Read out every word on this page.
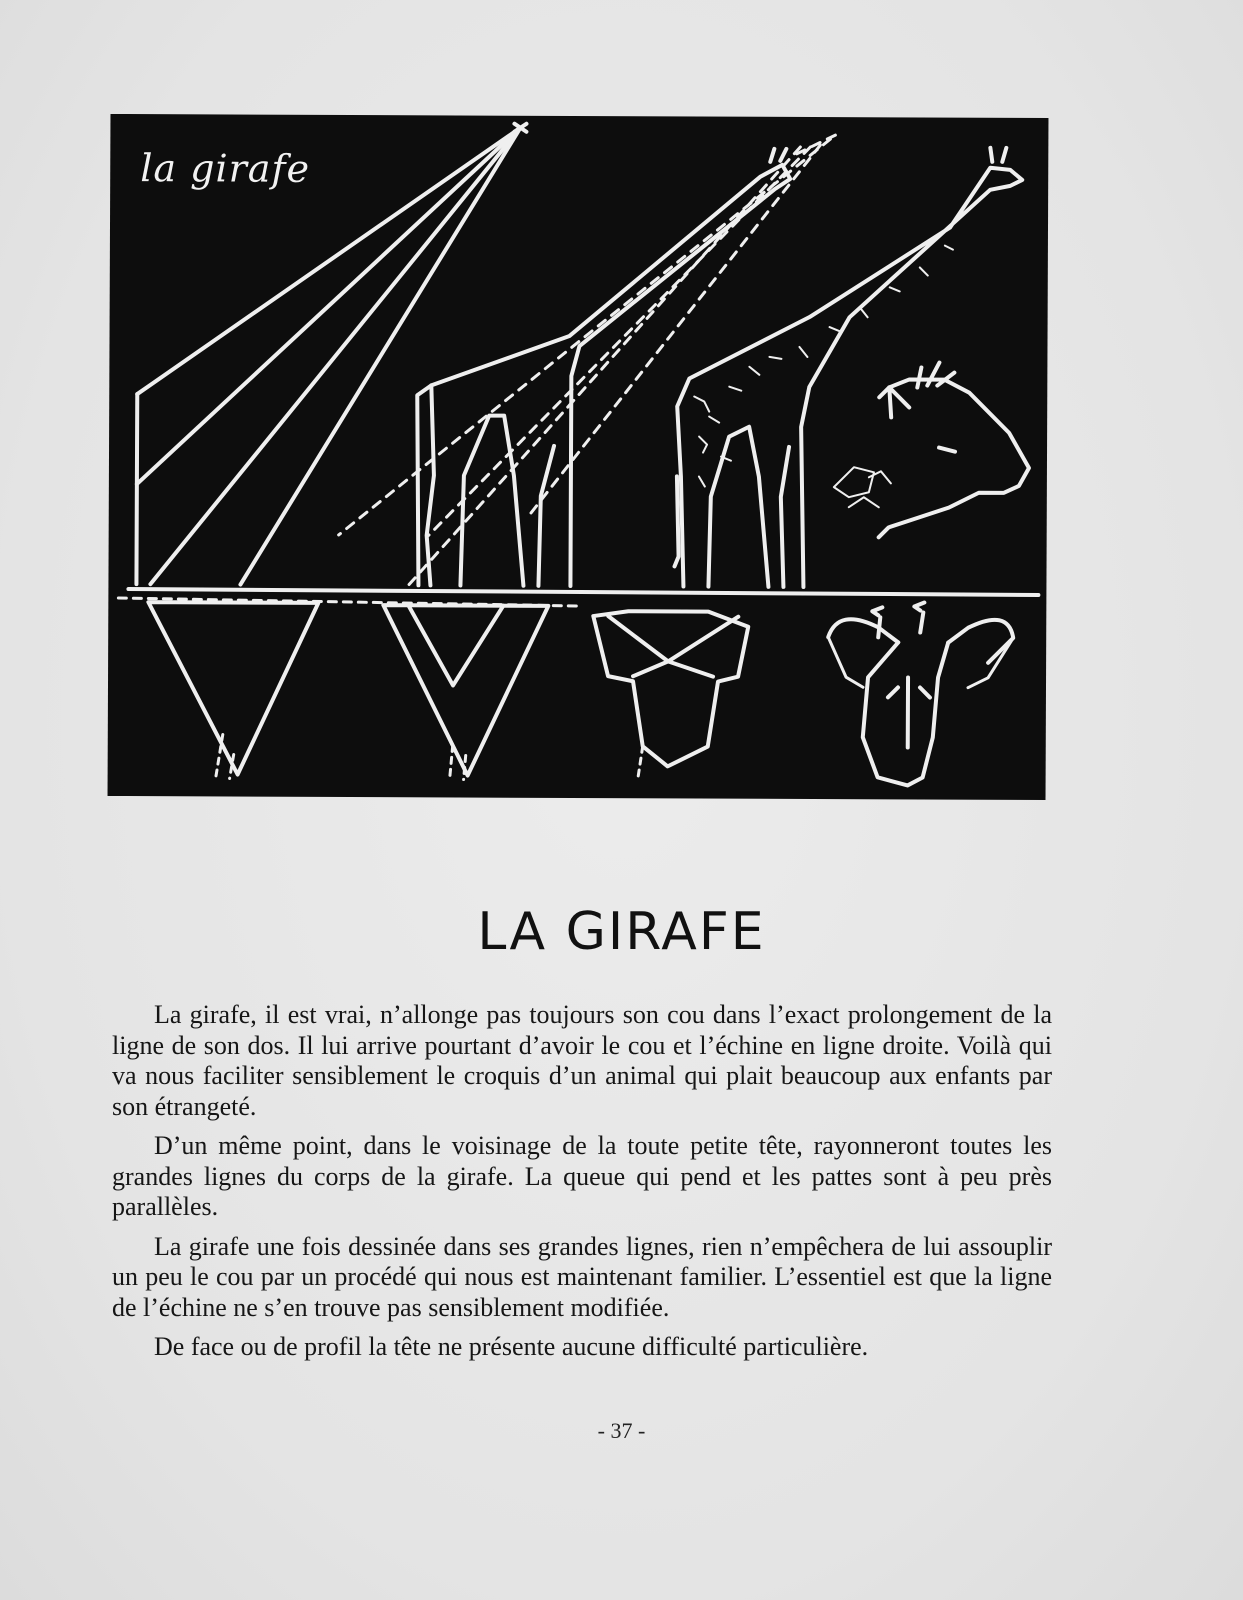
la girafe
LA GIRAFE

La girafe, il est vrai, n’allonge pas toujours son cou dans l’exact prolongement de la ligne de son dos. Il lui arrive pourtant d’avoir le cou et l’échine en ligne droite. Voilà qui va nous faciliter sensiblement le croquis d’un animal qui plait beaucoup aux enfants par son étrangeté.

D’un même point, dans le voisinage de la toute petite tête, rayonneront toutes les grandes lignes du corps de la girafe. La queue qui pend et les pattes sont à peu près parallèles.

La girafe une fois dessinée dans ses grandes lignes, rien n’empêchera de lui assouplir un peu le cou par un procédé qui nous est maintenant familier. L’essentiel est que la ligne de l’échine ne s’en trouve pas sensiblement modifiée.

De face ou de profil la tête ne présente aucune difficulté particulière.

- 37 -
